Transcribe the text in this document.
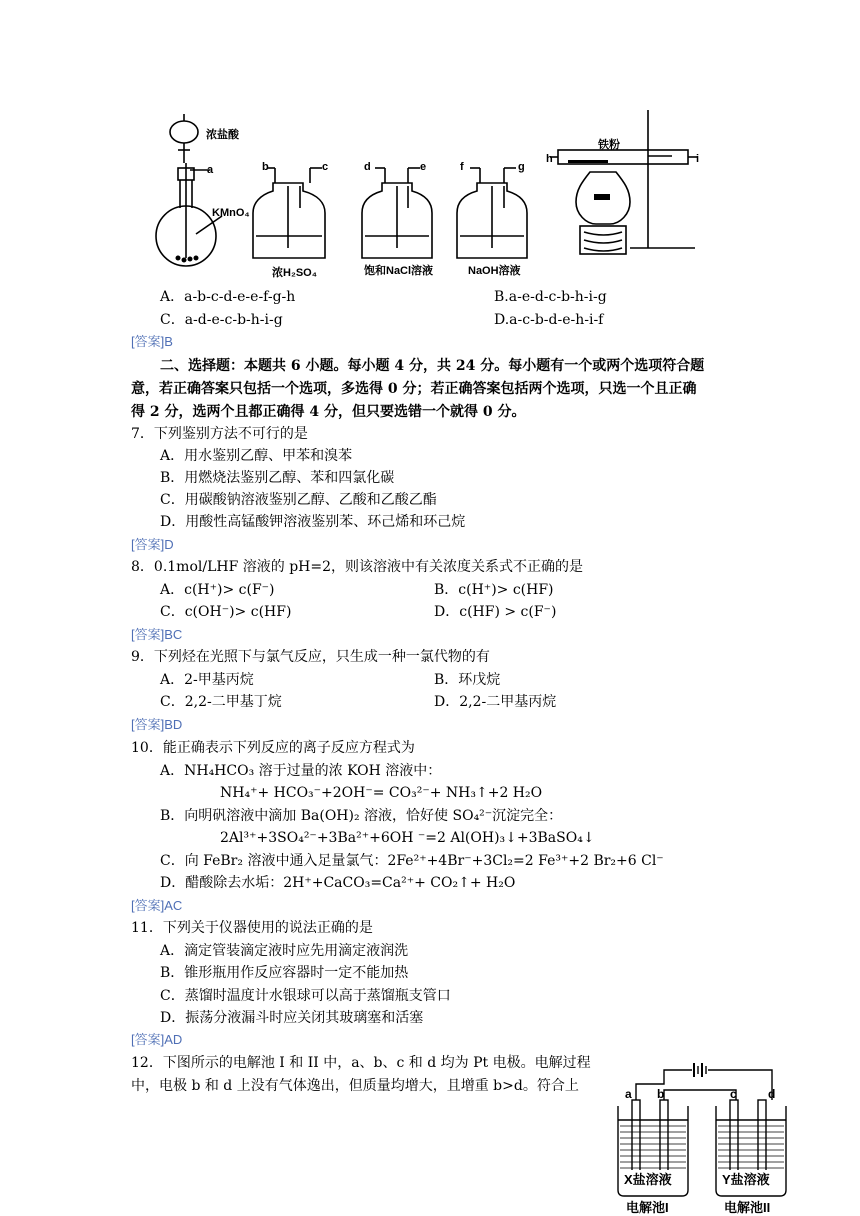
浓盐酸
a
KMnO₄
b	c	d	e	f	g
h	i
铁粉
浓H₂SO₄	饱和NaCl溶液	NaOH溶液
A．a-b-c-d-e-e-f-g-h	B.a-e-d-c-b-h-i-g
C．a-d-e-c-b-h-i-g	D.a-c-b-d-e-h-i-f
[答案]B
二、选择题：本题共 6 小题。每小题 4 分，共 24 分。每小题有一个或两个选项符合题
意，若正确答案只包括一个选项，多选得 0 分；若正确答案包括两个选项，只选一个且正确
得 2 分，选两个且都正确得 4 分，但只要选错一个就得 0 分。
7．下列鉴别方法不可行的是
A．用水鉴别乙醇、甲苯和溴苯
B．用燃烧法鉴别乙醇、苯和四氯化碳
C．用碳酸钠溶液鉴别乙醇、乙酸和乙酸乙酯
D．用酸性高锰酸钾溶液鉴别苯、环己烯和环己烷
[答案]D
8．0.1mol/LHF 溶液的 pH=2，则该溶液中有关浓度关系式不正确的是
A．c(H⁺)> c(F⁻)	B．c(H⁺)> c(HF)
C．c(OH⁻)> c(HF)	D．c(HF) > c(F⁻)
[答案]BC
9．下列烃在光照下与氯气反应，只生成一种一氯代物的有
A．2-甲基丙烷	B．环戊烷
C．2,2-二甲基丁烷	D．2,2-二甲基丙烷
[答案]BD
10．能正确表示下列反应的离子反应方程式为
A．NH₄HCO₃ 溶于过量的浓 KOH 溶液中：
NH₄⁺+ HCO₃⁻+2OH⁻= CO₃²⁻+ NH₃↑+2 H₂O
B．向明矾溶液中滴加 Ba(OH)₂ 溶液，恰好使 SO₄²⁻沉淀完全：
2Al³⁺+3SO₄²⁻+3Ba²⁺+6OH ⁻=2 Al(OH)₃↓+3BaSO₄↓
C．向 FeBr₂ 溶液中通入足量氯气：2Fe²⁺+4Br⁻+3Cl₂=2 Fe³⁺+2 Br₂+6 Cl⁻
D．醋酸除去水垢：2H⁺+CaCO₃=Ca²⁺+ CO₂↑+ H₂O
[答案]AC
11．下列关于仪器使用的说法正确的是
A．滴定管装滴定液时应先用滴定液润洗
B．锥形瓶用作反应容器时一定不能加热
C．蒸馏时温度计水银球可以高于蒸馏瓶支管口
D．振荡分液漏斗时应关闭其玻璃塞和活塞
[答案]AD
12．下图所示的电解池 I 和 II 中，a、b、c 和 d 均为 Pt 电极。电解过程
中，电极 b 和 d 上没有气体逸出，但质量均增大，且增重 b>d。符合上	a b	c	d
X盐溶液	Y盐溶液
电解池I	电解池II
